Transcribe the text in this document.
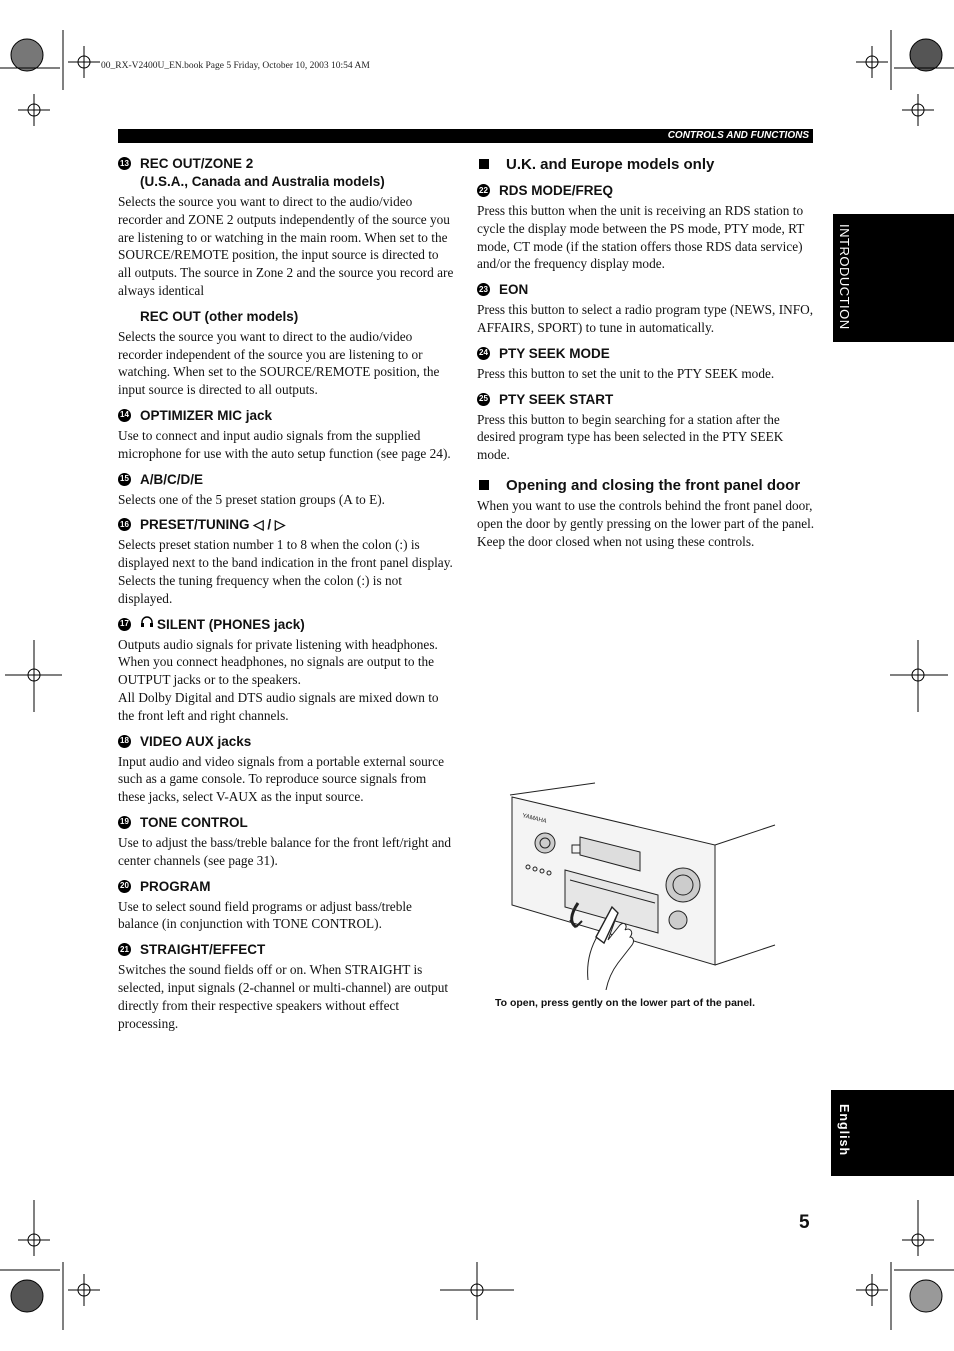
00_RX-V2400U_EN.book Page 5 Friday, October 10, 2003 10:54 AM
CONTROLS AND FUNCTIONS
INTRODUCTION
13 REC OUT/ZONE 2
(U.S.A., Canada and Australia models)

Selects the source you want to direct to the audio/video recorder and ZONE 2 outputs independently of the source you are listening to or watching in the main room. When set to the SOURCE/REMOTE position, the input source is directed to all outputs. The source in Zone 2 and the source you record are always identical

REC OUT (other models)

Selects the source you want to direct to the audio/video recorder independent of the source you are listening to or watching. When set to the SOURCE/REMOTE position, the input source is directed to all outputs.

14 OPTIMIZER MIC jack

Use to connect and input audio signals from the supplied microphone for use with the auto setup function (see page 24).

15 A/B/C/D/E

Selects one of the 5 preset station groups (A to E).

16 PRESET/TUNING ◁ / ▷

Selects preset station number 1 to 8 when the colon (:) is displayed next to the band indication in the front panel display.

Selects the tuning frequency when the colon (:) is not displayed.

17 SILENT (PHONES jack)

Outputs audio signals for private listening with headphones. When you connect headphones, no signals are output to the OUTPUT jacks or to the speakers.

All Dolby Digital and DTS audio signals are mixed down to the front left and right channels.

18 VIDEO AUX jacks

Input audio and video signals from a portable external source such as a game console. To reproduce source signals from these jacks, select V-AUX as the input source.

19 TONE CONTROL

Use to adjust the bass/treble balance for the front left/right and center channels (see page 31).

20 PROGRAM

Use to select sound field programs or adjust bass/treble balance (in conjunction with TONE CONTROL).

21 STRAIGHT/EFFECT

Switches the sound fields off or on. When STRAIGHT is selected, input signals (2-channel or multi-channel) are output directly from their respective speakers without effect processing.

U.K. and Europe models only
22 RDS MODE/FREQ

Press this button when the unit is receiving an RDS station to cycle the display mode between the PS mode, PTY mode, RT mode, CT mode (if the station offers those RDS data service) and/or the frequency display mode.

23 EON

Press this button to select a radio program type (NEWS, INFO, AFFAIRS, SPORT) to tune in automatically.

24 PTY SEEK MODE

Press this button to set the unit to the PTY SEEK mode.

25 PTY SEEK START

Press this button to begin searching for a station after the desired program type has been selected in the PTY SEEK mode.

Opening and closing the front panel door

When you want to use the controls behind the front panel door, open the door by gently pressing on the lower part of the panel. Keep the door closed when not using these controls.

YAMAHA
To open, press gently on the lower part of the panel.
English
5
